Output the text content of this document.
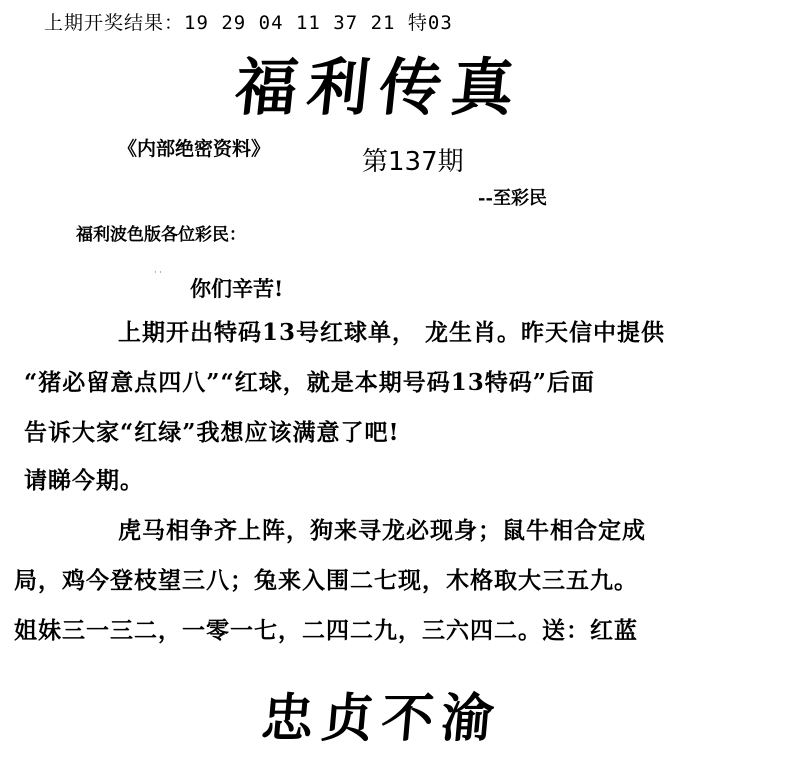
上期开奖结果：19 29 04 11 37 21 特03
福利传真
《内部绝密资料》	第137期
--至彩民
福利波色版各位彩民：
· ·
你们辛苦!
上期开出特码13号红球单， 龙生肖。昨天信中提供
“猪必留意点四八”“红球，就是本期号码13特码”后面
告诉大家“红绿”我想应该满意了吧!
请睇今期。
虎马相争齐上阵，狗来寻龙必现身；鼠牛相合定成
局，鸡今登枝望三八；兔来入围二七现，木格取大三五九。
姐妹三一三二，一零一七，二四二九，三六四二。送：红蓝
忠贞不渝
